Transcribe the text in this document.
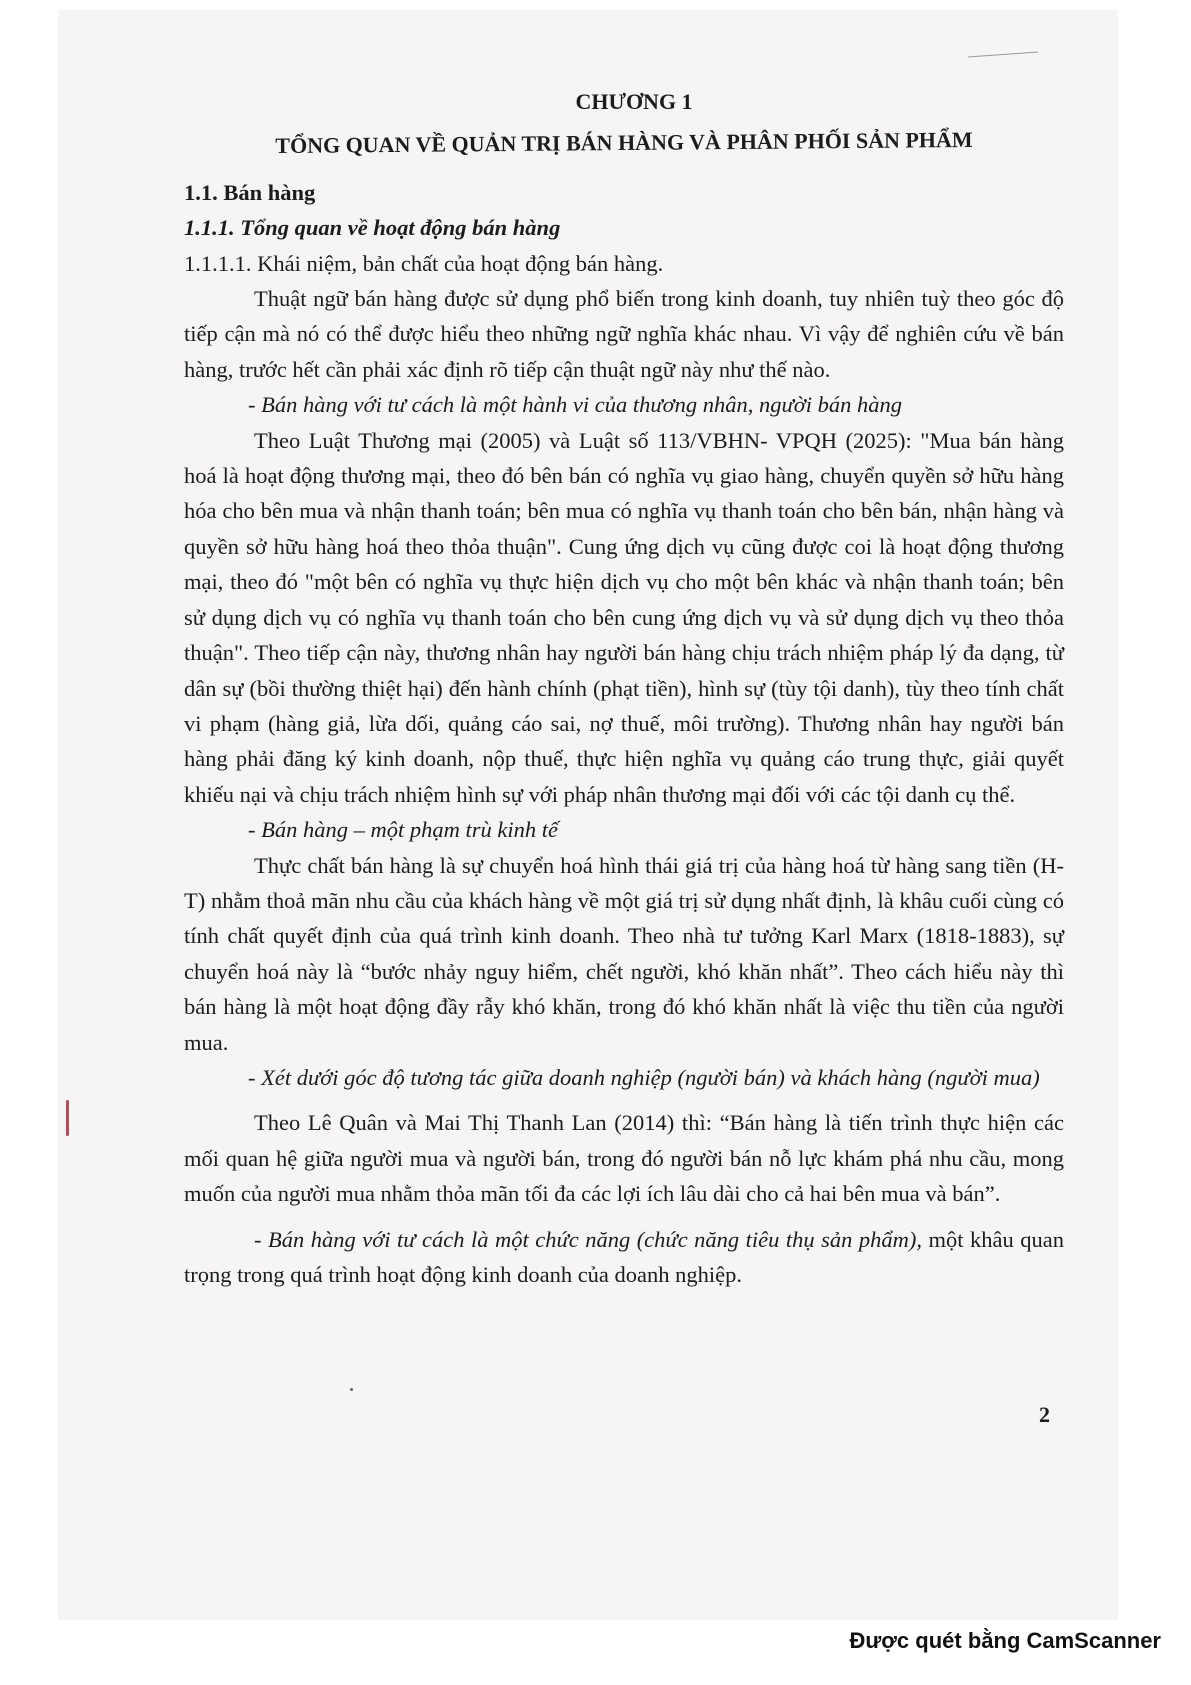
CHƯƠNG 1
TỔNG QUAN VỀ QUẢN TRỊ BÁN HÀNG VÀ PHÂN PHỐI SẢN PHẨM
1.1. Bán hàng
1.1.1. Tổng quan về hoạt động bán hàng
1.1.1.1. Khái niệm, bản chất của hoạt động bán hàng.

Thuật ngữ bán hàng được sử dụng phổ biến trong kinh doanh, tuy nhiên tuỳ theo góc độ tiếp cận mà nó có thể được hiểu theo những ngữ nghĩa khác nhau. Vì vậy để nghiên cứu về bán hàng, trước hết cần phải xác định rõ tiếp cận thuật ngữ này như thế nào.

- Bán hàng với tư cách là một hành vi của thương nhân, người bán hàng

Theo Luật Thương mại (2005) và Luật số 113/VBHN- VPQH (2025): "Mua bán hàng hoá là hoạt động thương mại, theo đó bên bán có nghĩa vụ giao hàng, chuyển quyền sở hữu hàng hóa cho bên mua và nhận thanh toán; bên mua có nghĩa vụ thanh toán cho bên bán, nhận hàng và quyền sở hữu hàng hoá theo thỏa thuận". Cung ứng dịch vụ cũng được coi là hoạt động thương mại, theo đó "một bên có nghĩa vụ thực hiện dịch vụ cho một bên khác và nhận thanh toán; bên sử dụng dịch vụ có nghĩa vụ thanh toán cho bên cung ứng dịch vụ và sử dụng dịch vụ theo thỏa thuận". Theo tiếp cận này, thương nhân hay người bán hàng chịu trách nhiệm pháp lý đa dạng, từ dân sự (bồi thường thiệt hại) đến hành chính (phạt tiền), hình sự (tùy tội danh), tùy theo tính chất vi phạm (hàng giả, lừa dối, quảng cáo sai, nợ thuế, môi trường). Thương nhân hay người bán hàng phải đăng ký kinh doanh, nộp thuế, thực hiện nghĩa vụ quảng cáo trung thực, giải quyết khiếu nại và chịu trách nhiệm hình sự với pháp nhân thương mại đối với các tội danh cụ thể.

- Bán hàng – một phạm trù kinh tế

Thực chất bán hàng là sự chuyển hoá hình thái giá trị của hàng hoá từ hàng sang tiền (H-T) nhằm thoả mãn nhu cầu của khách hàng về một giá trị sử dụng nhất định, là khâu cuối cùng có tính chất quyết định của quá trình kinh doanh. Theo nhà tư tưởng Karl Marx (1818-1883), sự chuyển hoá này là “bước nhảy nguy hiểm, chết người, khó khăn nhất”. Theo cách hiểu này thì bán hàng là một hoạt động đầy rẫy khó khăn, trong đó khó khăn nhất là việc thu tiền của người mua.

- Xét dưới góc độ tương tác giữa doanh nghiệp (người bán) và khách hàng (người mua)

Theo Lê Quân và Mai Thị Thanh Lan (2014) thì: “Bán hàng là tiến trình thực hiện các mối quan hệ giữa người mua và người bán, trong đó người bán nỗ lực khám phá nhu cầu, mong muốn của người mua nhằm thỏa mãn tối đa các lợi ích lâu dài cho cả hai bên mua và bán”.

- Bán hàng với tư cách là một chức năng (chức năng tiêu thụ sản phẩm), một khâu quan trọng trong quá trình hoạt động kinh doanh của doanh nghiệp.

2
Được quét bằng CamScanner
